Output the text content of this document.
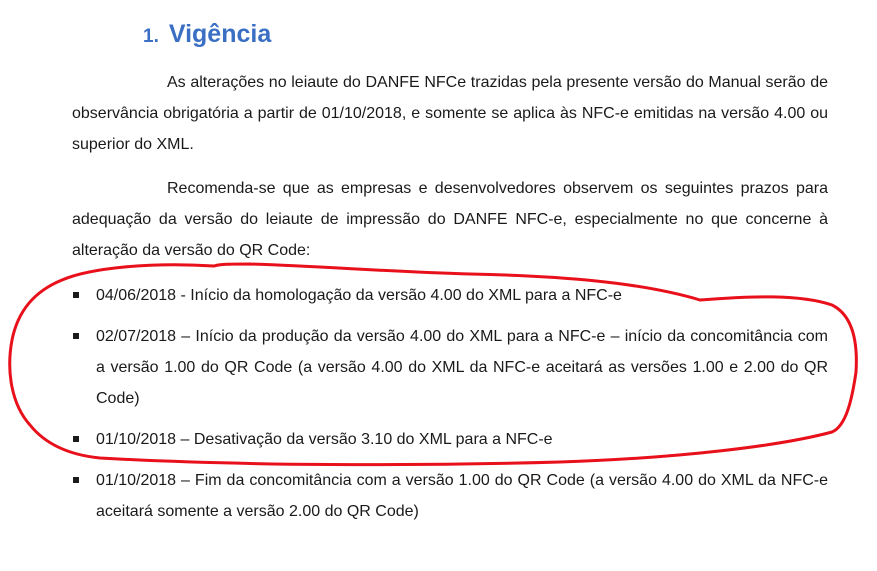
1. Vigência

As alterações no leiaute do DANFE NFCe trazidas pela presente versão do Manual serão de observância obrigatória a partir de 01/10/2018, e somente se aplica às NFC-e emitidas na versão 4.00 ou superior do XML.

Recomenda-se que as empresas e desenvolvedores observem os seguintes prazos para adequação da versão do leiaute de impressão do DANFE NFC-e, especialmente no que concerne à alteração da versão do QR Code:

04/06/2018 - Início da homologação da versão 4.00 do XML para a NFC-e
02/07/2018 – Início da produção da versão 4.00 do XML para a NFC-e – início da concomitância com a versão 1.00 do QR Code (a versão 4.00 do XML da NFC-e aceitará as versões 1.00 e 2.00 do QR Code)
01/10/2018 – Desativação da versão 3.10 do XML para a NFC-e
01/10/2018 – Fim da concomitância com a versão 1.00 do QR Code (a versão 4.00 do XML da NFC-e aceitará somente a versão 2.00 do QR Code)
